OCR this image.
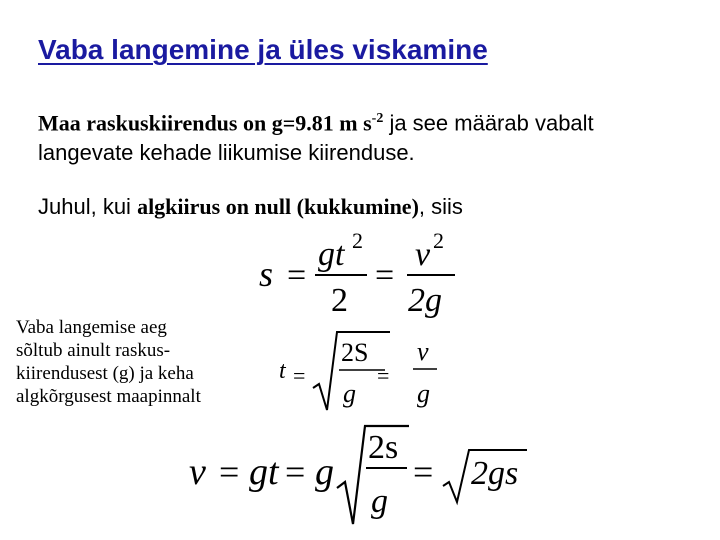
Vaba langemine ja üles viskamine
Maa raskuskiirendus on g=9.81 m $s^{-2}$ ja see määrab vabalt
langevate kehade liikumise kiirenduse.
Juhul, kui algkiirus on null (kukkumine), siis
Vaba langemise aeg
sõltub ainult raskus-
kiirendusest (g) ja keha
algkõrgusest maapinnalt
s =
gt 2
2
=
v 2
2g
t =
2S
g
=
v
g
v = gt = g
2s
g
= 2gs
